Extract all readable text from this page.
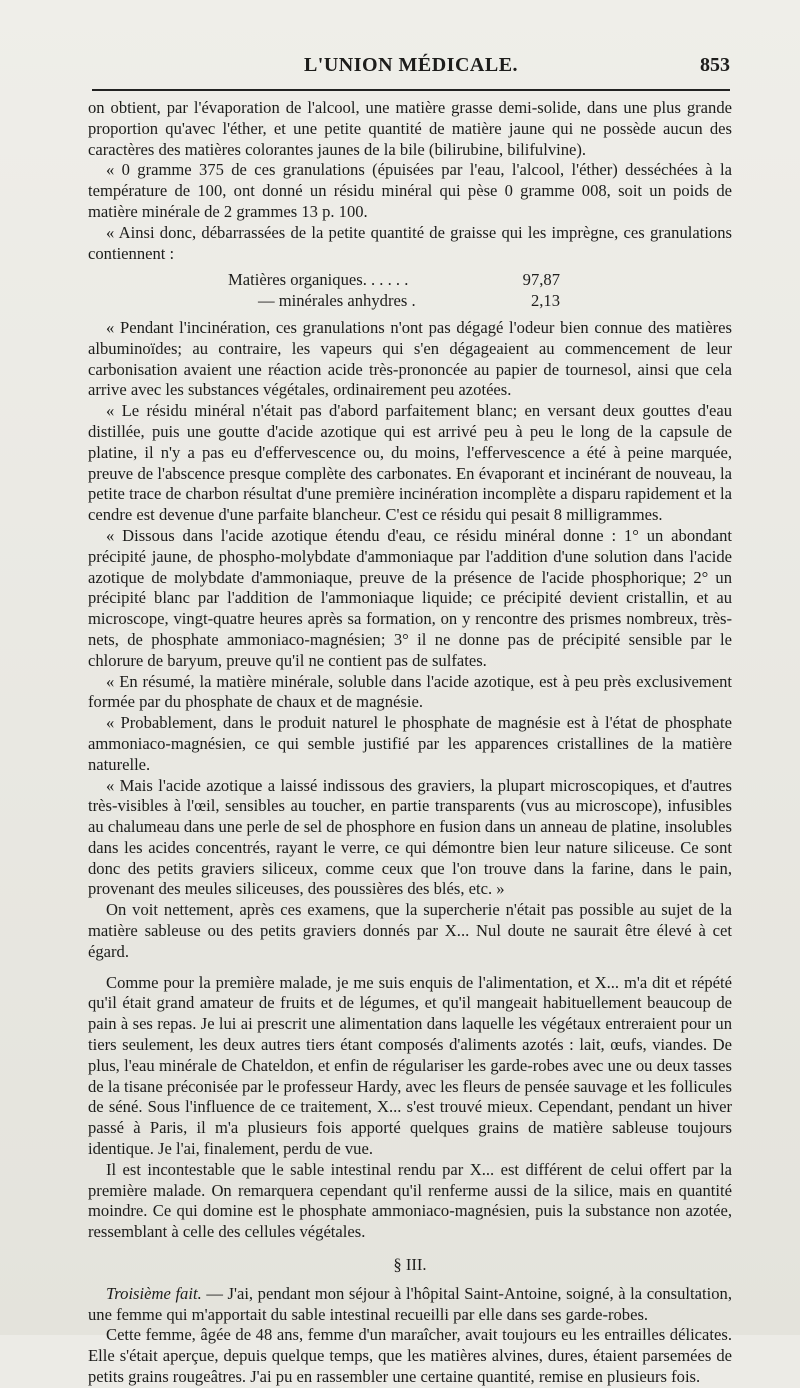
L'UNION MÉDICALE.	853

on obtient, par l'évaporation de l'alcool, une matière grasse demi-solide, dans une plus grande proportion qu'avec l'éther, et une petite quantité de matière jaune qui ne possède aucun des caractères des matières colorantes jaunes de la bile (bilirubine, bilifulvine).

« 0 gramme 375 de ces granulations (épuisées par l'eau, l'alcool, l'éther) desséchées à la température de 100, ont donné un résidu minéral qui pèse 0 gramme 008, soit un poids de matière minérale de 2 grammes 13 p. 100.

« Ainsi donc, débarrassées de la petite quantité de graisse qui les imprègne, ces granulations contiennent :

Matières organiques. . . . . .	97,87
— minérales anhydres .	2,13

« Pendant l'incinération, ces granulations n'ont pas dégagé l'odeur bien connue des matières albuminoïdes; au contraire, les vapeurs qui s'en dégageaient au commencement de leur carbonisation avaient une réaction acide très-prononcée au papier de tournesol, ainsi que cela arrive avec les substances végétales, ordinairement peu azotées.

« Le résidu minéral n'était pas d'abord parfaitement blanc; en versant deux gouttes d'eau distillée, puis une goutte d'acide azotique qui est arrivé peu à peu le long de la capsule de platine, il n'y a pas eu d'effervescence ou, du moins, l'effervescence a été à peine marquée, preuve de l'abscence presque complète des carbonates. En évaporant et incinérant de nouveau, la petite trace de charbon résultat d'une première incinération incomplète a disparu rapidement et la cendre est devenue d'une parfaite blancheur. C'est ce résidu qui pesait 8 milligrammes.

« Dissous dans l'acide azotique étendu d'eau, ce résidu minéral donne : 1° un abondant précipité jaune, de phospho-molybdate d'ammoniaque par l'addition d'une solution dans l'acide azotique de molybdate d'ammoniaque, preuve de la présence de l'acide phosphorique; 2° un précipité blanc par l'addition de l'ammoniaque liquide; ce précipité devient cristallin, et au microscope, vingt-quatre heures après sa formation, on y rencontre des prismes nombreux, très-nets, de phosphate ammoniaco-magnésien; 3° il ne donne pas de précipité sensible par le chlorure de baryum, preuve qu'il ne contient pas de sulfates.

« En résumé, la matière minérale, soluble dans l'acide azotique, est à peu près exclusivement formée par du phosphate de chaux et de magnésie.

« Probablement, dans le produit naturel le phosphate de magnésie est à l'état de phosphate ammoniaco-magnésien, ce qui semble justifié par les apparences cristallines de la matière naturelle.

« Mais l'acide azotique a laissé indissous des graviers, la plupart microscopiques, et d'autres très-visibles à l'œil, sensibles au toucher, en partie transparents (vus au microscope), infusibles au chalumeau dans une perle de sel de phosphore en fusion dans un anneau de platine, insolubles dans les acides concentrés, rayant le verre, ce qui démontre bien leur nature siliceuse. Ce sont donc des petits graviers siliceux, comme ceux que l'on trouve dans la farine, dans le pain, provenant des meules siliceuses, des poussières des blés, etc. »

On voit nettement, après ces examens, que la supercherie n'était pas possible au sujet de la matière sableuse ou des petits graviers donnés par X... Nul doute ne saurait être élevé à cet égard.

Comme pour la première malade, je me suis enquis de l'alimentation, et X... m'a dit et répété qu'il était grand amateur de fruits et de légumes, et qu'il mangeait habituellement beaucoup de pain à ses repas. Je lui ai prescrit une alimentation dans laquelle les végétaux entreraient pour un tiers seulement, les deux autres tiers étant composés d'aliments azotés : lait, œufs, viandes. De plus, l'eau minérale de Chateldon, et enfin de régulariser les garde-robes avec une ou deux tasses de la tisane préconisée par le professeur Hardy, avec les fleurs de pensée sauvage et les follicules de séné. Sous l'influence de ce traitement, X... s'est trouvé mieux. Cependant, pendant un hiver passé à Paris, il m'a plusieurs fois apporté quelques grains de matière sableuse toujours identique. Je l'ai, finalement, perdu de vue.

Il est incontestable que le sable intestinal rendu par X... est différent de celui offert par la première malade. On remarquera cependant qu'il renferme aussi de la silice, mais en quantité moindre. Ce qui domine est le phosphate ammoniaco-magnésien, puis la substance non azotée, ressemblant à celle des cellules végétales.

§ III.

Troisième fait. — J'ai, pendant mon séjour à l'hôpital Saint-Antoine, soigné, à la consultation, une femme qui m'apportait du sable intestinal recueilli par elle dans ses garde-robes.

Cette femme, âgée de 48 ans, femme d'un maraîcher, avait toujours eu les entrailles délicates. Elle s'était aperçue, depuis quelque temps, que les matières alvines, dures, étaient parsemées de petits grains rougeâtres. J'ai pu en rassembler une certaine quantité, remise en plusieurs fois.
